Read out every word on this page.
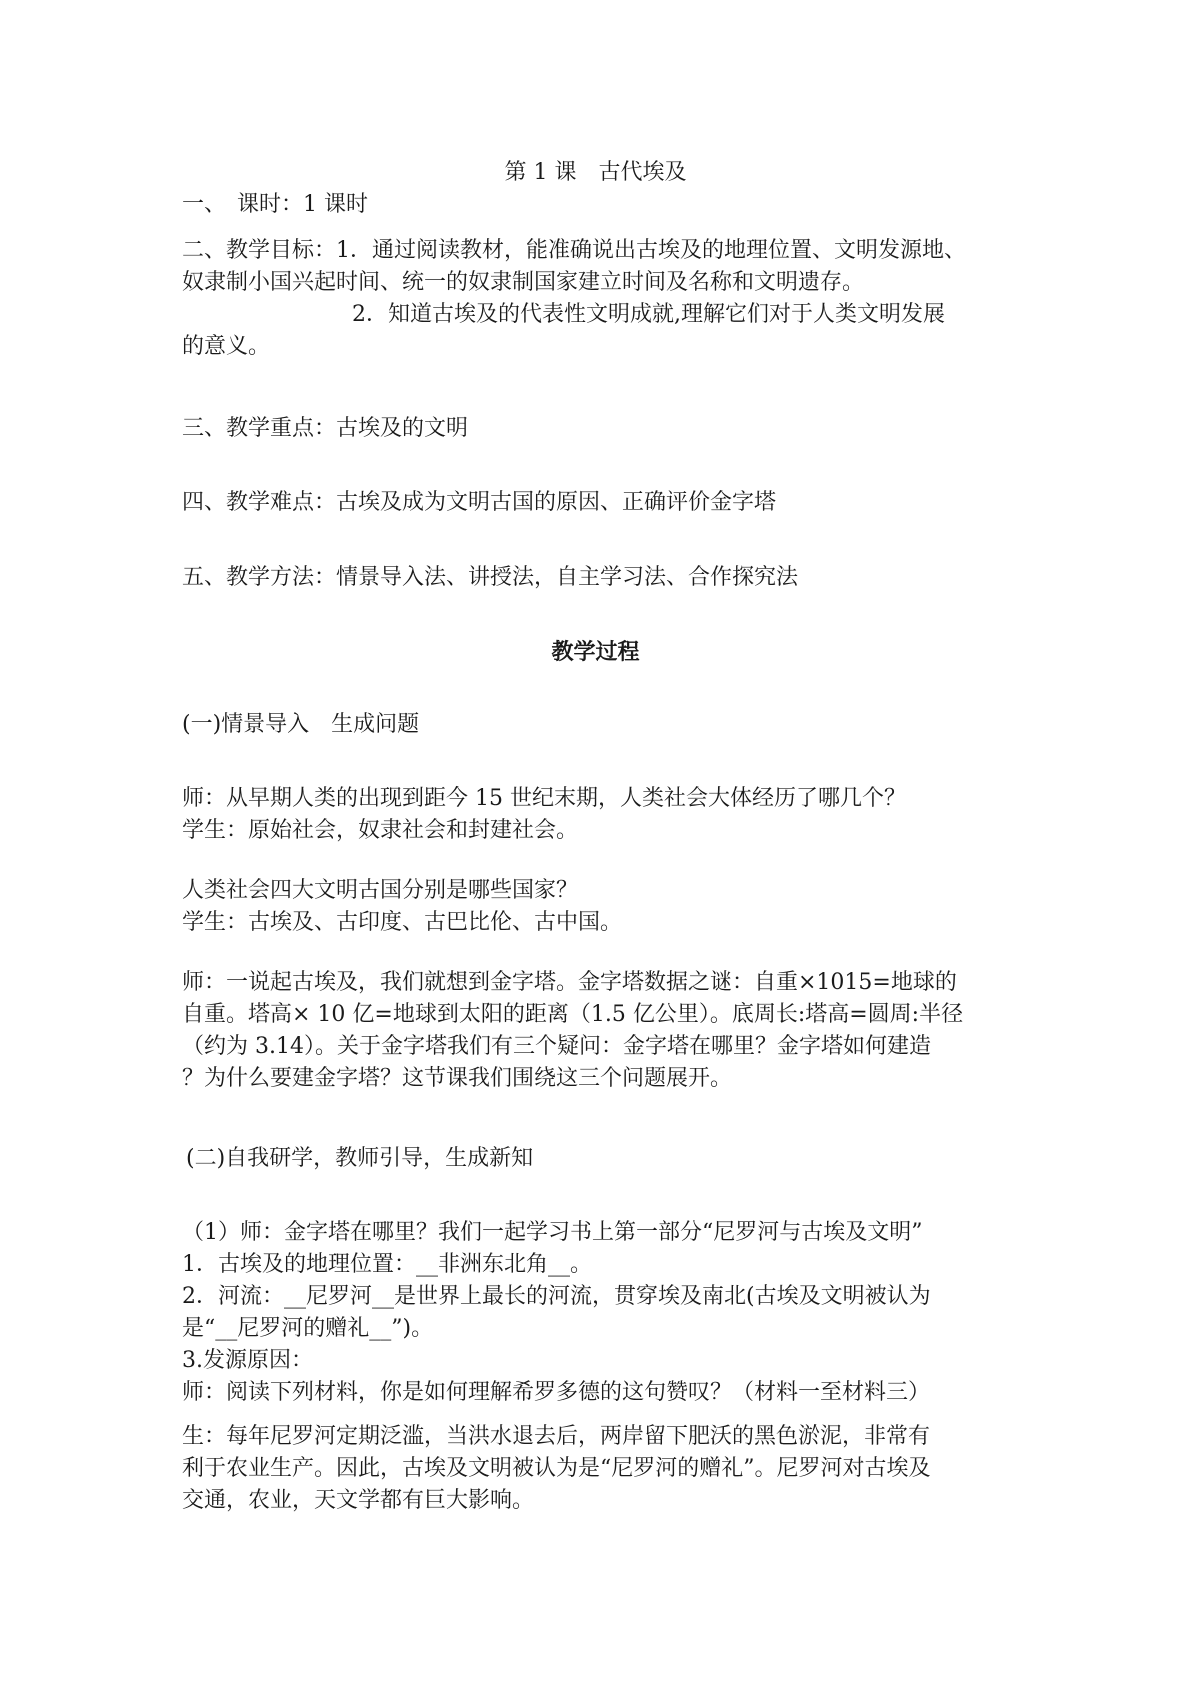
第 1 课　古代埃及

一、　课时：1 课时

二、教学目标：1．通过阅读教材，能准确说出古埃及的地理位置、文明发源地、

奴隶制小国兴起时间、统一的奴隶制国家建立时间及名称和文明遗存。

2．知道古埃及的代表性文明成就,理解它们对于人类文明发展

的意义。

三、教学重点：古埃及的文明

四、教学难点：古埃及成为文明古国的原因、正确评价金字塔

五、教学方法：情景导入法、讲授法，自主学习法、合作探究法

教学过程

(一)情景导入　生成问题

师：从早期人类的出现到距今 15 世纪末期，人类社会大体经历了哪几个？

学生：原始社会，奴隶社会和封建社会。

人类社会四大文明古国分别是哪些国家？

学生：古埃及、古印度、古巴比伦、古中国。

师：一说起古埃及，我们就想到金字塔。金字塔数据之谜：自重×1015=地球的

自重。塔高× 10 亿=地球到太阳的距离（1.5 亿公里）。底周长:塔高=圆周:半径

（约为 3.14）。关于金字塔我们有三个疑问：金字塔在哪里？金字塔如何建造

？为什么要建金字塔？这节课我们围绕这三个问题展开。

(二)自我研学，教师引导，生成新知

（1）师：金字塔在哪里？我们一起学习书上第一部分“尼罗河与古埃及文明”

1．古埃及的地理位置：__非洲东北角__。

2．河流：__尼罗河__是世界上最长的河流，贯穿埃及南北(古埃及文明被认为

是“__尼罗河的赠礼__”)。

3.发源原因：

师：阅读下列材料，你是如何理解希罗多德的这句赞叹？（材料一至材料三）

生：每年尼罗河定期泛滥，当洪水退去后，两岸留下肥沃的黑色淤泥，非常有

利于农业生产。因此，古埃及文明被认为是“尼罗河的赠礼”。尼罗河对古埃及

交通，农业，天文学都有巨大影响。
